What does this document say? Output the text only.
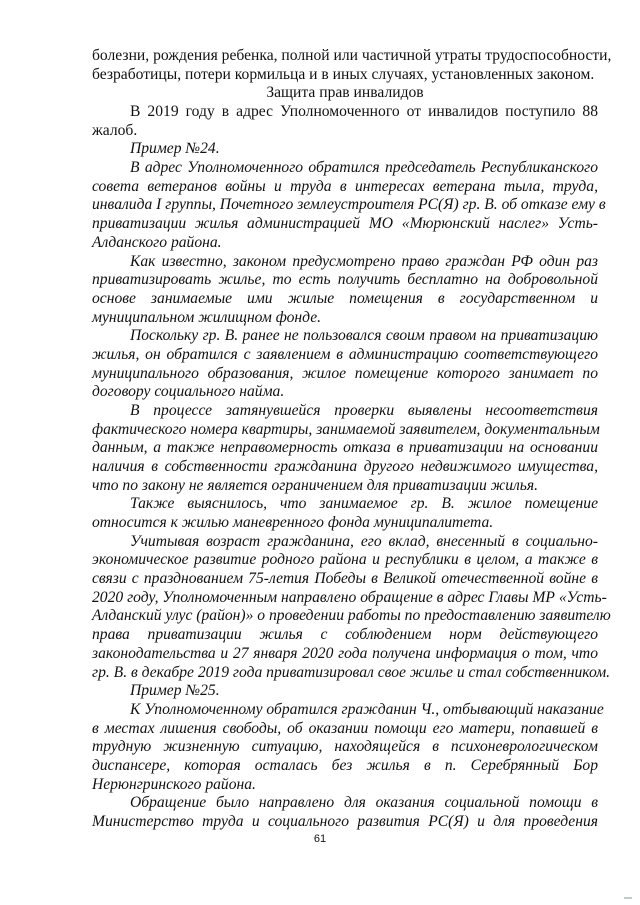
болезни, рождения ребенка, полной или частичной утраты трудоспособности,
безработицы, потери кормильца и в иных случаях, установленных законом.
Защита прав инвалидов
В 2019 году в адрес Уполномоченного от инвалидов поступило 88
жалоб.
Пример №24.
В адрес Уполномоченного обратился председатель Республиканского
совета ветеранов войны и труда в интересах ветерана тыла, труда,
инвалида I группы, Почетного землеустроителя РС(Я) гр. В. об отказе ему в
приватизации жилья администрацией МО «Мюрюнский наслег» Усть-
Алданского района.
Как известно, законом предусмотрено право граждан РФ один раз
приватизировать жилье, то есть получить бесплатно на добровольной
основе занимаемые ими жилые помещения в государственном и
муниципальном жилищном фонде.
Поскольку гр. В. ранее не пользовался своим правом на приватизацию
жилья, он обратился с заявлением в администрацию соответствующего
муниципального образования, жилое помещение которого занимает по
договору социального найма.
В процессе затянувшейся проверки выявлены несоответствия
фактического номера квартиры, занимаемой заявителем, документальным
данным, а также неправомерность отказа в приватизации на основании
наличия в собственности гражданина другого недвижимого имущества,
что по закону не является ограничением для приватизации жилья.
Также выяснилось, что занимаемое гр. В. жилое помещение
относится к жилью маневренного фонда муниципалитета.
Учитывая возраст гражданина, его вклад, внесенный в социально-
экономическое развитие родного района и республики в целом, а также в
связи с празднованием 75-летия Победы в Великой отечественной войне в
2020 году, Уполномоченным направлено обращение в адрес Главы МР «Усть-
Алданский улус (район)» о проведении работы по предоставлению заявителю
права приватизации жилья с соблюдением норм действующего
законодательства и 27 января 2020 года получена информация о том, что
гр. В. в декабре 2019 года приватизировал свое жилье и стал собственником.
Пример №25.
К Уполномоченному обратился гражданин Ч., отбывающий наказание
в местах лишения свободы, об оказании помощи его матери, попавшей в
трудную жизненную ситуацию, находящейся в психоневрологическом
диспансере, которая осталась без жилья в п. Серебрянный Бор
Нерюнгринского района.
Обращение было направлено для оказания социальной помощи в
Министерство труда и социального развития РС(Я) и для проведения
61
